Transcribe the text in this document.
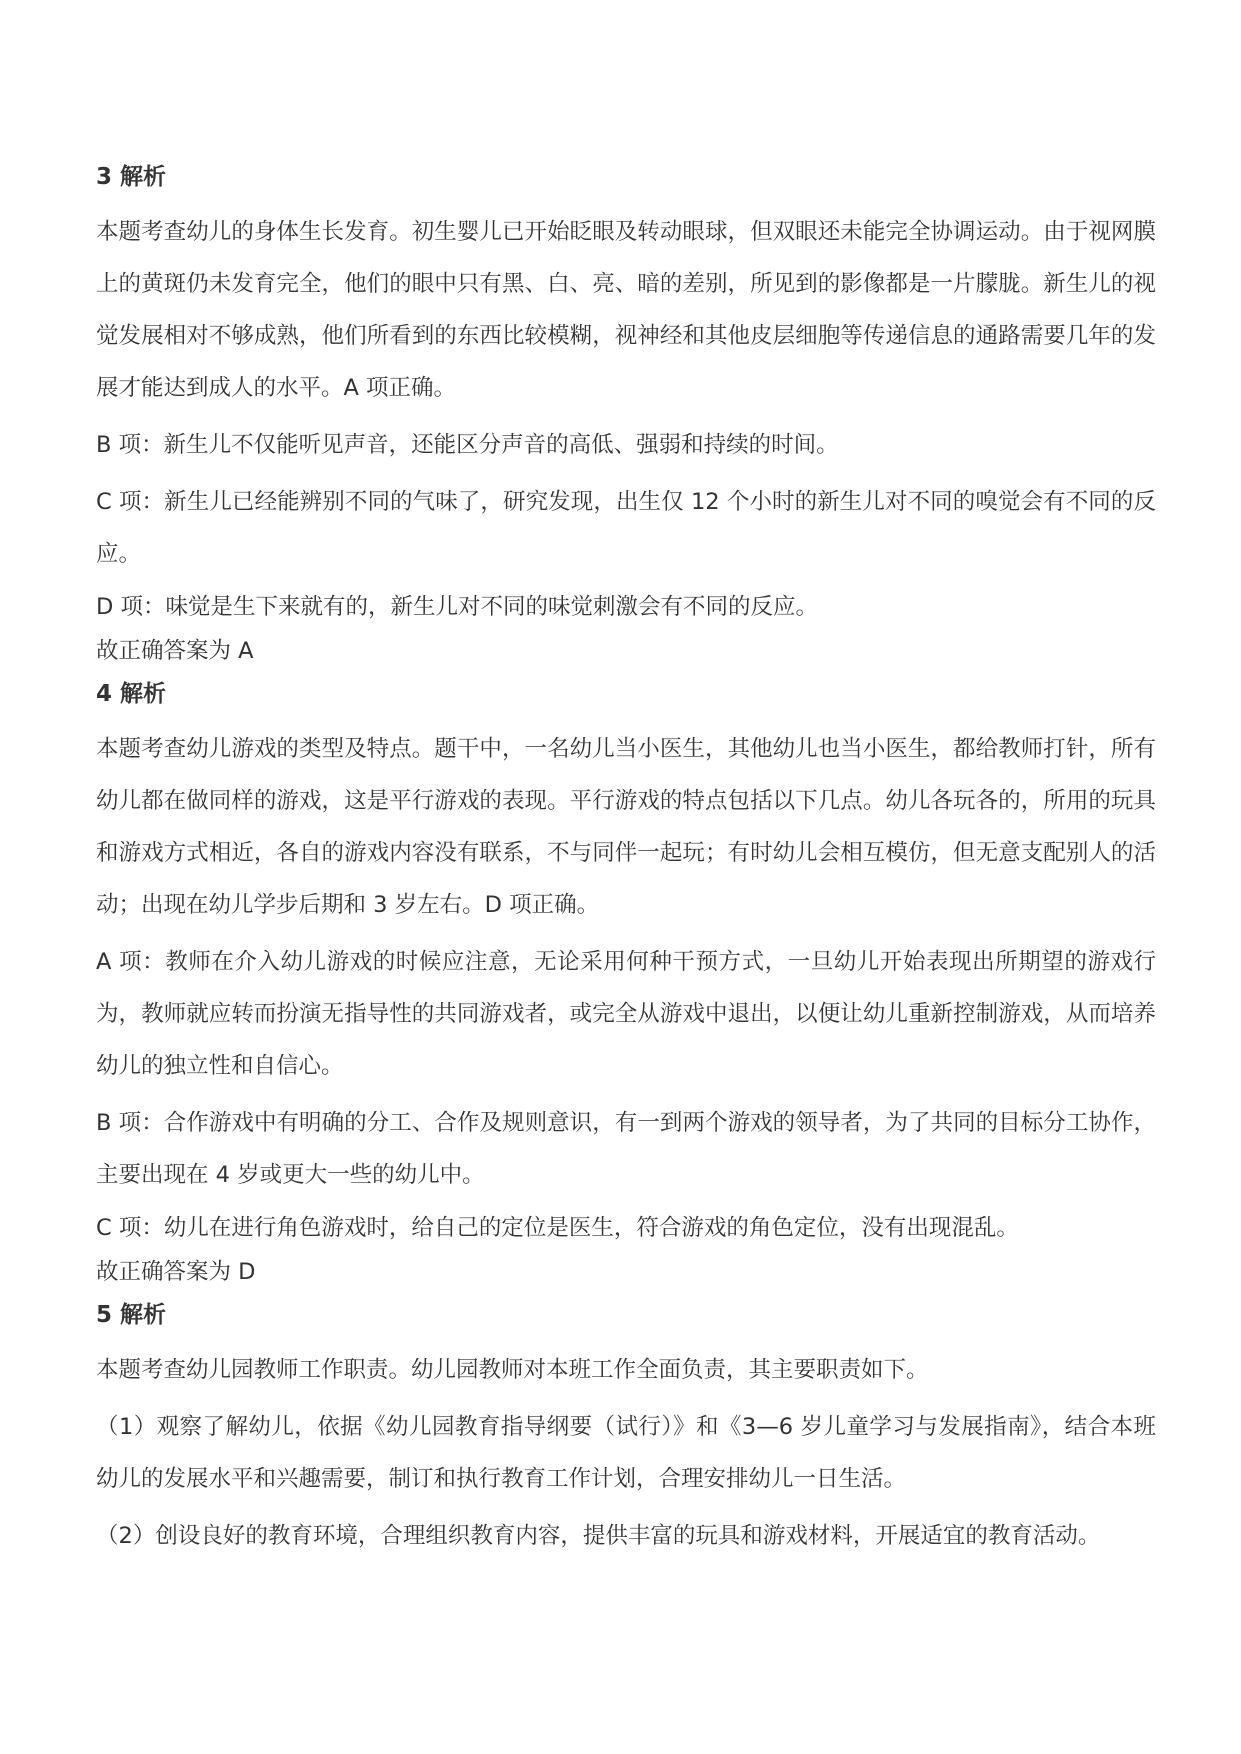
3 解析

本题考查幼儿的身体生长发育。初生婴儿已开始眨眼及转动眼球，但双眼还未能完全协调运动。由于视网膜上的黄斑仍未发育完全，他们的眼中只有黑、白、亮、暗的差别，所见到的影像都是一片朦胧。新生儿的视觉发展相对不够成熟，他们所看到的东西比较模糊，视神经和其他皮层细胞等传递信息的通路需要几年的发展才能达到成人的水平。A 项正确。

B 项：新生儿不仅能听见声音，还能区分声音的高低、强弱和持续的时间。

C 项：新生儿已经能辨别不同的气味了，研究发现，出生仅 12 个小时的新生儿对不同的嗅觉会有不同的反应。

D 项：味觉是生下来就有的，新生儿对不同的味觉刺激会有不同的反应。

故正确答案为 A

4 解析

本题考查幼儿游戏的类型及特点。题干中，一名幼儿当小医生，其他幼儿也当小医生，都给教师打针，所有幼儿都在做同样的游戏，这是平行游戏的表现。平行游戏的特点包括以下几点。幼儿各玩各的，所用的玩具和游戏方式相近，各自的游戏内容没有联系，不与同伴一起玩；有时幼儿会相互模仿，但无意支配别人的活动；出现在幼儿学步后期和 3 岁左右。D 项正确。

A 项：教师在介入幼儿游戏的时候应注意，无论采用何种干预方式，一旦幼儿开始表现出所期望的游戏行为，教师就应转而扮演无指导性的共同游戏者，或完全从游戏中退出，以便让幼儿重新控制游戏，从而培养幼儿的独立性和自信心。

B 项：合作游戏中有明确的分工、合作及规则意识，有一到两个游戏的领导者，为了共同的目标分工协作，主要出现在 4 岁或更大一些的幼儿中。

C 项：幼儿在进行角色游戏时，给自己的定位是医生，符合游戏的角色定位，没有出现混乱。

故正确答案为 D

5 解析

本题考查幼儿园教师工作职责。幼儿园教师对本班工作全面负责，其主要职责如下。

（1）观察了解幼儿，依据《幼儿园教育指导纲要（试行）》和《3—6 岁儿童学习与发展指南》，结合本班幼儿的发展水平和兴趣需要，制订和执行教育工作计划，合理安排幼儿一日生活。

（2）创设良好的教育环境，合理组织教育内容，提供丰富的玩具和游戏材料，开展适宜的教育活动。
